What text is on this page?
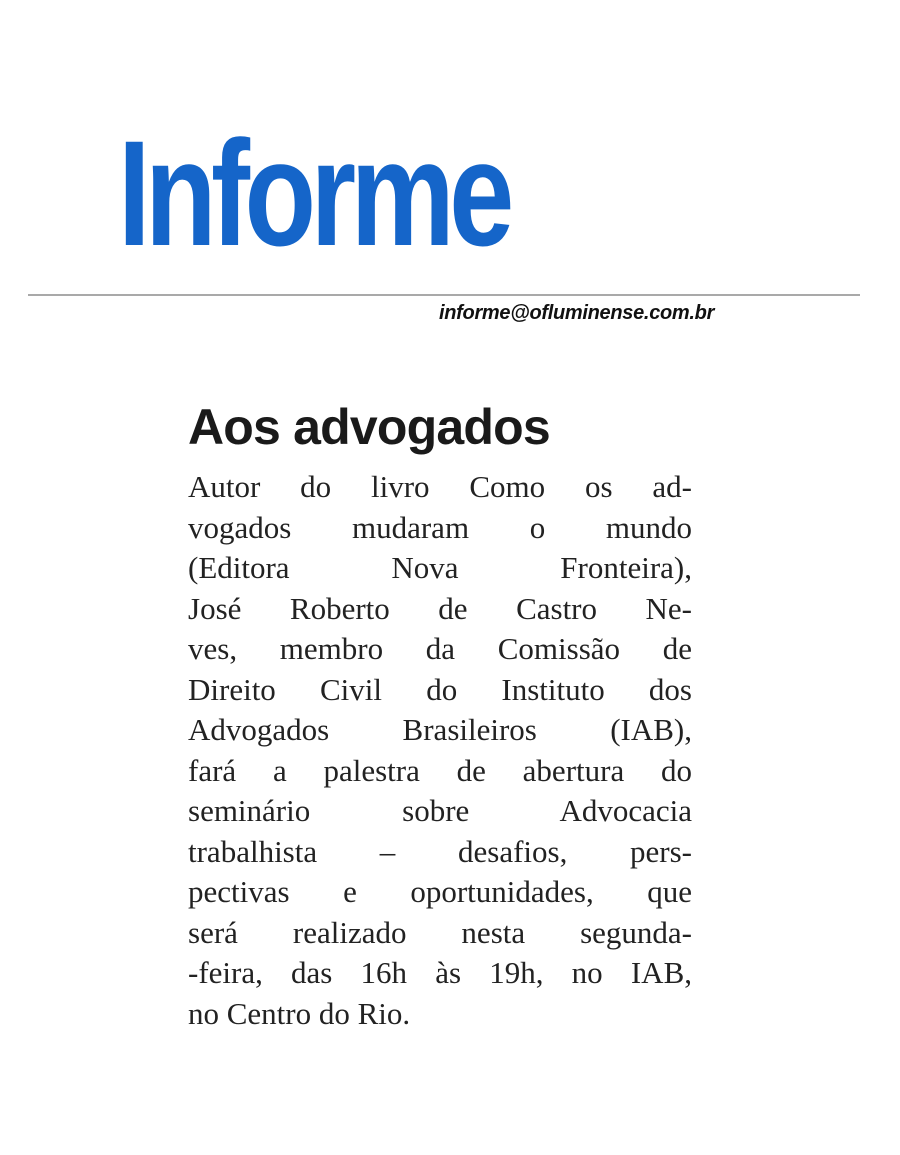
Informe
informe@ofluminense.com.br
Aos advogados
Autor do livro Como os ad-
vogados mudaram o mundo
(Editora Nova Fronteira),
José Roberto de Castro Ne-
ves, membro da Comissão de
Direito Civil do Instituto dos
Advogados Brasileiros (IAB),
fará a palestra de abertura do
seminário sobre Advocacia
trabalhista – desafios, pers-
pectivas e oportunidades, que
será realizado nesta segunda-
-feira, das 16h às 19h, no IAB,
no Centro do Rio.
